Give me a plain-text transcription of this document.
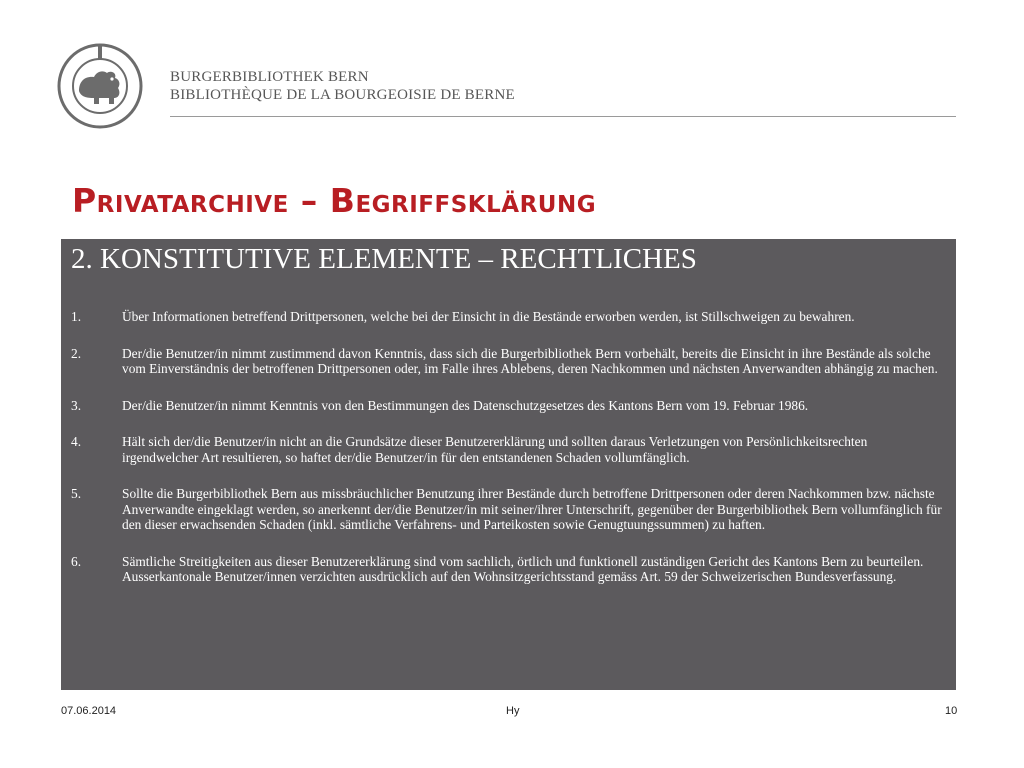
BURGERBIBLIOTHEK BERN
BIBLIOTHÈQUE DE LA BOURGEOISIE DE BERNE
Privatarchive – Begriffsklärung
2. KONSTITUTIVE ELEMENTE – RECHTLICHES
1.	Über Informationen betreffend Drittpersonen, welche bei der Einsicht in die Bestände erworben werden, ist Stillschweigen zu bewahren.
2.	Der/die Benutzer/in nimmt zustimmend davon Kenntnis, dass sich die Burgerbibliothek Bern vorbehält, bereits die Einsicht in ihre Bestände als solche vom Einverständnis der betroffenen Drittpersonen oder, im Falle ihres Ablebens, deren Nachkommen und nächsten Anverwandten abhängig zu machen.
3.	Der/die Benutzer/in nimmt Kenntnis von den Bestimmungen des Datenschutzgesetzes des Kantons Bern vom 19. Februar 1986.
4.	Hält sich der/die Benutzer/in nicht an die Grundsätze dieser Benutzererklärung und sollten daraus Verletzungen von Persönlichkeitsrechten irgendwelcher Art resultieren, so haftet der/die Benutzer/in für den entstandenen Schaden vollumfänglich.
5.	Sollte die Burgerbibliothek Bern aus missbräuchlicher Benutzung ihrer Bestände durch betroffene Drittpersonen oder deren Nachkommen bzw. nächste Anverwandte eingeklagt werden, so anerkennt der/die Benutzer/in mit seiner/ihrer Unterschrift, gegenüber der Burgerbibliothek Bern vollumfänglich für den dieser erwachsenden Schaden (inkl. sämtliche Verfahrens- und Parteikosten sowie Genugtuungssummen) zu haften.
6.	Sämtliche Streitigkeiten aus dieser Benutzererklärung sind vom sachlich, örtlich und funktionell zuständigen Gericht des Kantons Bern zu beurteilen. Ausserkantonale Benutzer/innen verzichten ausdrücklich auf den Wohnsitzgerichtsstand gemäss Art. 59 der Schweizerischen Bundesverfassung.
07.06.2014	Hy	10
